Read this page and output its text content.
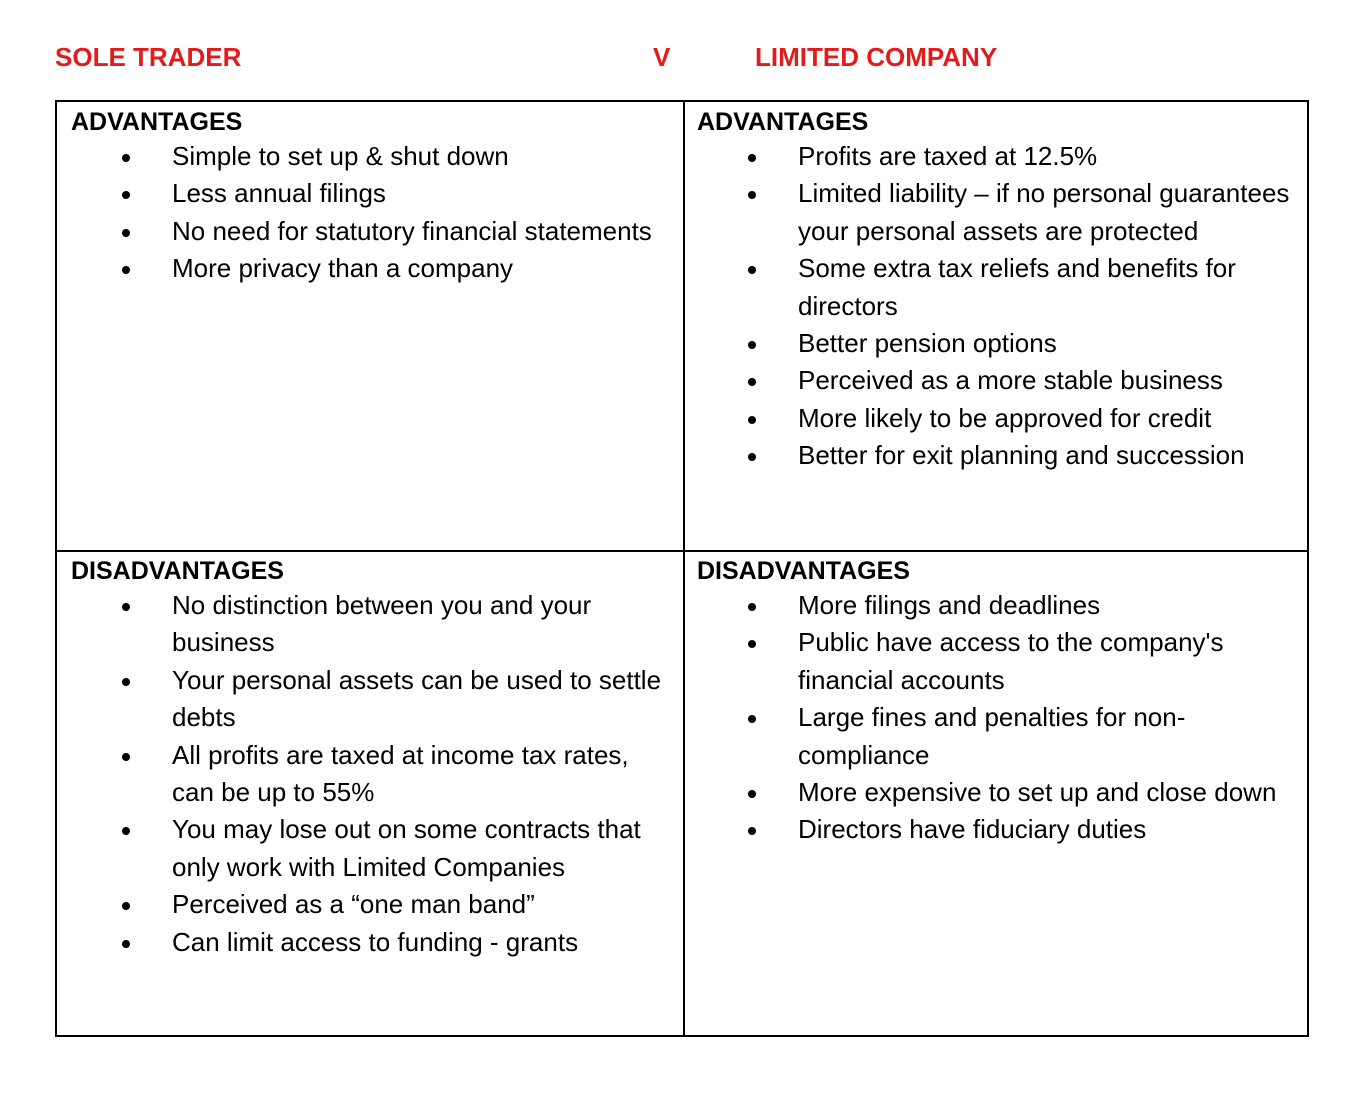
SOLE TRADER	V	LIMITED COMPANY
ADVANTAGES
Simple to set up & shut down
Less annual filings
No need for statutory financial statements
More privacy than a company
ADVANTAGES
Profits are taxed at 12.5%
Limited liability – if no personal guarantees your personal assets are protected
Some extra tax reliefs and benefits for directors
Better pension options
Perceived as a more stable business
More likely to be approved for credit
Better for exit planning and succession
DISADVANTAGES
No distinction between you and your business
Your personal assets can be used to settle debts
All profits are taxed at income tax rates, can be up to 55%
You may lose out on some contracts that only work with Limited Companies
Perceived as a “one man band”
Can limit access to funding - grants
DISADVANTAGES
More filings and deadlines
Public have access to the company's financial accounts
Large fines and penalties for non-compliance
More expensive to set up and close down
Directors have fiduciary duties
